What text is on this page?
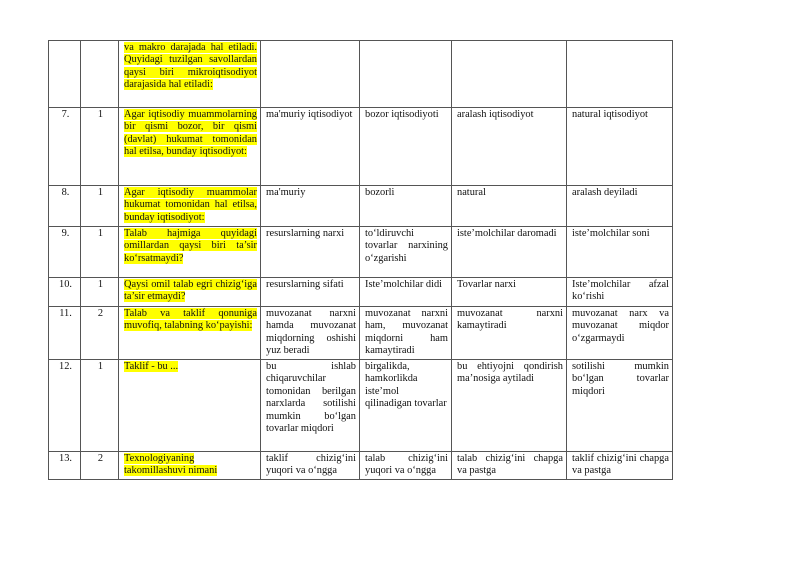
		va makro darajada hal etiladi. Quyidagi tuzilgan savollardan qaysi biri mikroiqtisodiyot darajasida hal etiladi:				
7.	1	Agar iqtisodiy muammolarning bir qismi bozor, bir qismi (davlat) hukumat tomonidan hal etilsa, bunday iqtisodiyot:	ma'muriy iqtisodiyot	bozor iqtisodiyoti	aralash iqtisodiyot	natural iqtisodiyot
8.	1	Agar iqtisodiy muammolar hukumat tomonidan hal etilsa, bunday iqtisodiyot:	ma'muriy	bozorli	natural	aralash deyiladi
9.	1	Talab hajmiga quyidagi omillardan qaysi biri ta’sir ko‘rsatmaydi?	resurslarning narxi	to‘ldiruvchi tovarlar narxining o‘zgarishi	iste’molchilar daromadi	iste’molchilar soni
10.	1	Qaysi omil talab egri chizig‘iga ta’sir etmaydi?	resurslarning sifati	Iste’molchilar didi	Tovarlar narxi	Iste’molchilar afzal ko‘rishi
11.	2	Talab va taklif qonuniga muvofiq, talabning ko‘payishi:	muvozanat narxni hamda muvozanat miqdorning oshishi yuz beradi	muvozanat narxni ham, muvozanat miqdorni ham kamaytiradi	muvozanat narxni kamaytiradi	muvozanat narx va muvozanat miqdor o‘zgarmaydi
12.	1	Taklif - bu ...	bu ishlab chiqaruvchilar tomonidan berilgan narxlarda sotilishi mumkin bo‘lgan tovarlar miqdori	birgalikda, hamkorlikda iste’mol qilinadigan tovarlar	bu ehtiyojni qondirish ma’nosiga aytiladi	sotilishi mumkin bo‘lgan tovarlar miqdori
13.	2	Texnologiyaning takomillashuvi nimani	taklif chizig‘ini yuqori va o‘ngga	talab chizig‘ini yuqori va o‘ngga	talab chizig‘ini chapga va pastga	taklif chizig‘ini chapga va pastga
